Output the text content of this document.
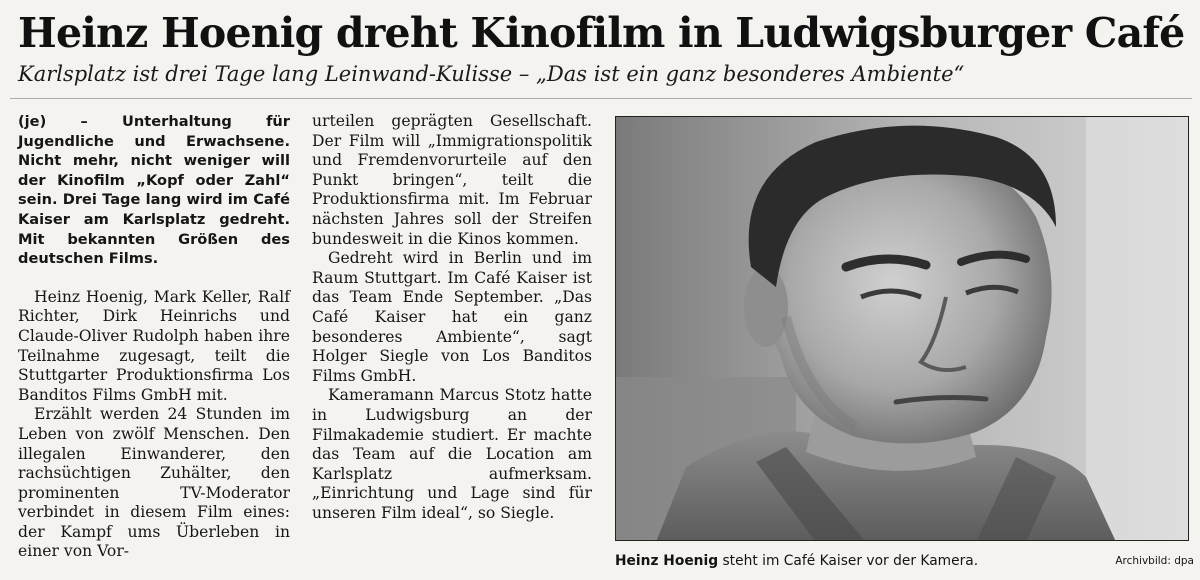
Heinz Hoenig dreht Kinofilm in Ludwigsburger Café
Karlsplatz ist drei Tage lang Leinwand-Kulisse – „Das ist ein ganz besonderes Ambiente“

(je) – Unterhaltung für Jugendliche und Erwachsene. Nicht mehr, nicht weniger will der Kinofilm „Kopf oder Zahl“ sein. Drei Tage lang wird im Café Kaiser am Karlsplatz gedreht. Mit bekannten Größen des deutschen Films.

Heinz Hoenig, Mark Keller, Ralf Richter, Dirk Heinrichs und Claude-Oliver Rudolph haben ihre Teilnahme zugesagt, teilt die Stuttgarter Produktionsfirma Los Banditos Films GmbH mit.

Erzählt werden 24 Stunden im Leben von zwölf Menschen. Den illegalen Einwanderer, den rachsüchtigen Zuhälter, den prominenten TV-Moderator verbindet in diesem Film eines: der Kampf ums Überleben in einer von Vor-

urteilen geprägten Gesellschaft. Der Film will „Immigrationspolitik und Fremdenvorurteile auf den Punkt bringen“, teilt die Produktionsfirma mit. Im Februar nächsten Jahres soll der Streifen bundesweit in die Kinos kommen.

Gedreht wird in Berlin und im Raum Stuttgart. Im Café Kaiser ist das Team Ende September. „Das Café Kaiser hat ein ganz besonderes Ambiente“, sagt Holger Siegle von Los Banditos Films GmbH.

Kameramann Marcus Stotz hatte in Ludwigsburg an der Filmakademie studiert. Er machte das Team auf die Location am Karlsplatz aufmerksam. „Einrichtung und Lage sind für unseren Film ideal“, so Siegle.

Heinz Hoenig steht im Café Kaiser vor der Kamera.	Archivbild: dpa
